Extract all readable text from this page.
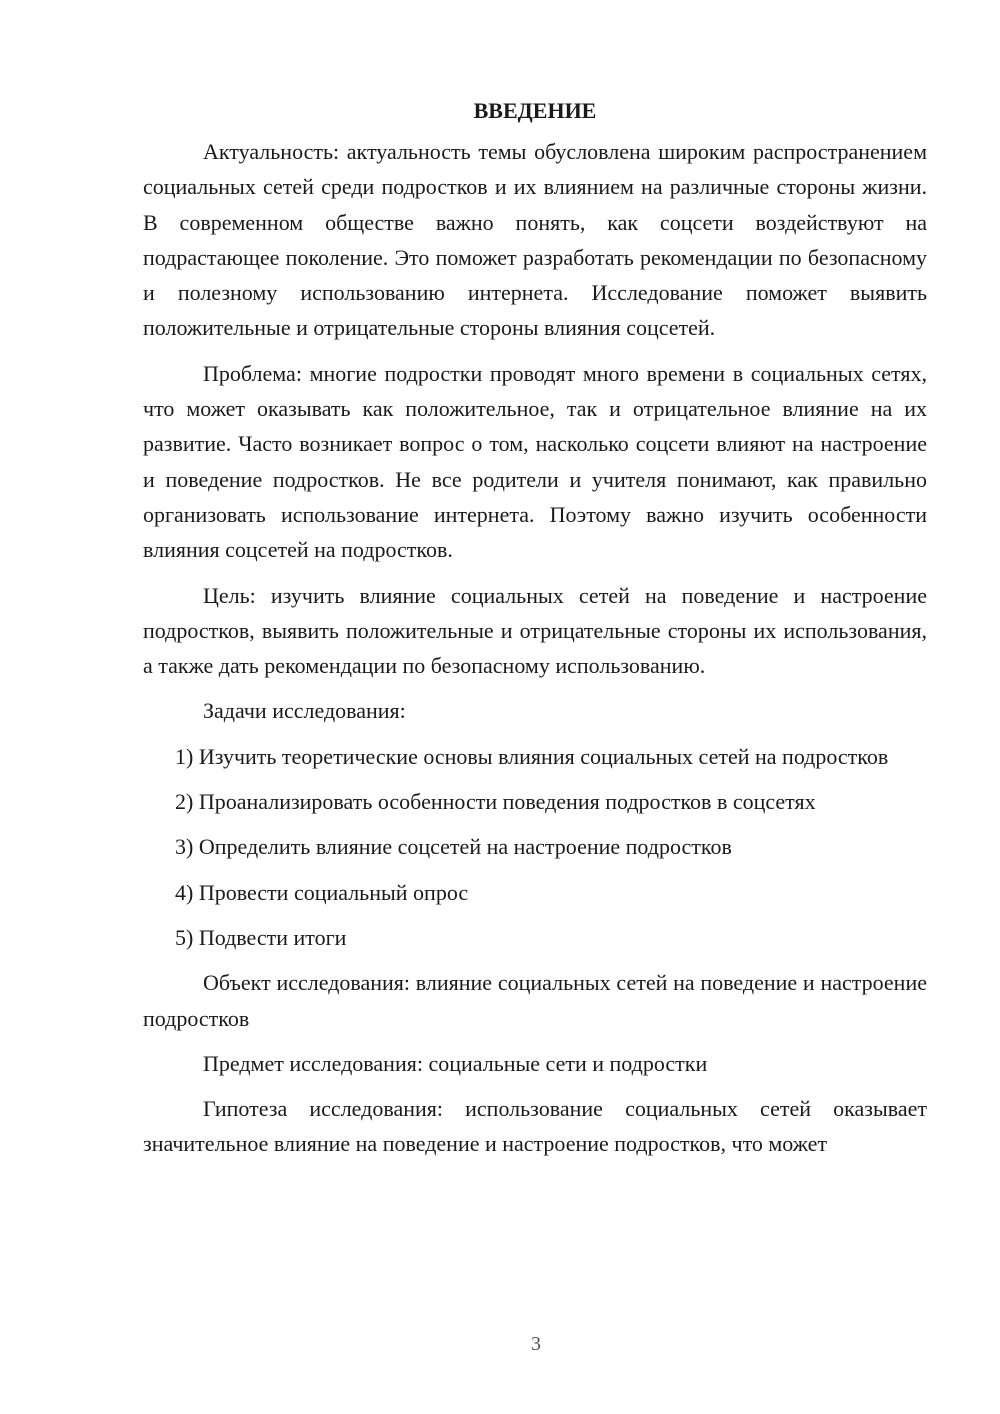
ВВЕДЕНИЕ

Актуальность: актуальность темы обусловлена широким распространением социальных сетей среди подростков и их влиянием на различные стороны жизни. В современном обществе важно понять, как соцсети воздействуют на подрастающее поколение. Это поможет разработать рекомендации по безопасному и полезному использованию интернета. Исследование поможет выявить положительные и отрицательные стороны влияния соцсетей.

Проблема: многие подростки проводят много времени в социальных сетях, что может оказывать как положительное, так и отрицательное влияние на их развитие. Часто возникает вопрос о том, насколько соцсети влияют на настроение и поведение подростков. Не все родители и учителя понимают, как правильно организовать использование интернета. Поэтому важно изучить особенности влияния соцсетей на подростков.

Цель: изучить влияние социальных сетей на поведение и настроение подростков, выявить положительные и отрицательные стороны их использования, а также дать рекомендации по безопасному использованию.

Задачи исследования:

1) Изучить теоретические основы влияния социальных сетей на подростков

2) Проанализировать особенности поведения подростков в соцсетях

3) Определить влияние соцсетей на настроение подростков

4) Провести социальный опрос

5) Подвести итоги

Объект исследования: влияние социальных сетей на поведение и настроение подростков

Предмет исследования: социальные сети и подростки

Гипотеза исследования: использование социальных сетей оказывает значительное влияние на поведение и настроение подростков, что может

3
